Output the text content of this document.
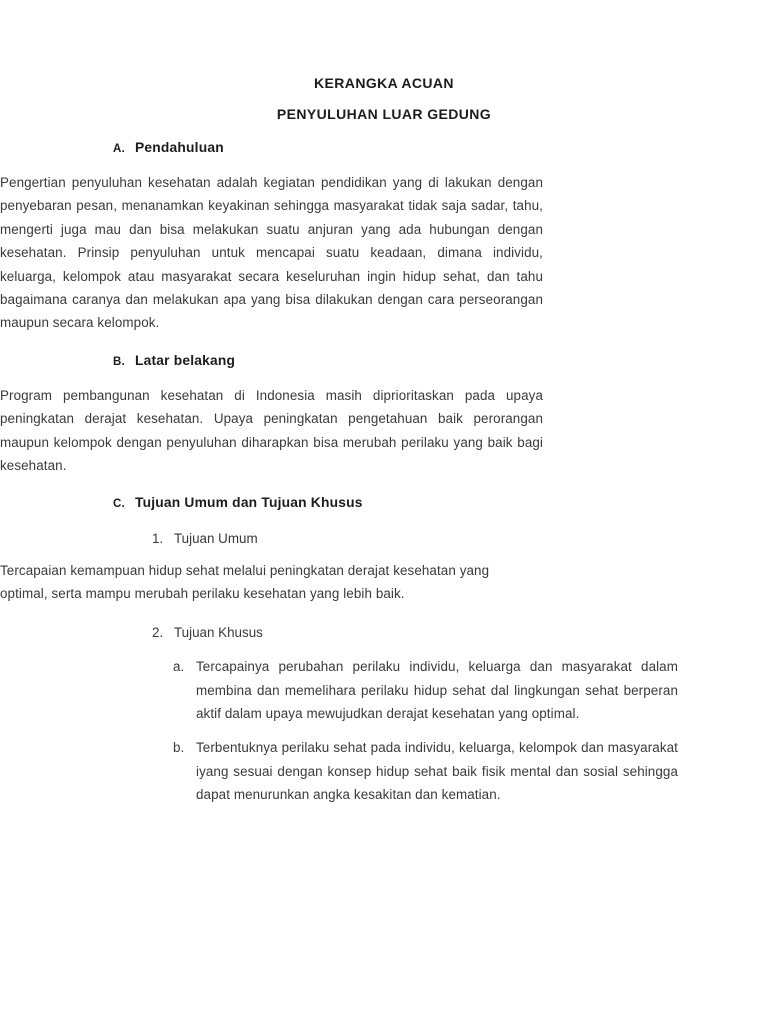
KERANGKA ACUAN
PENYULUHAN LUAR GEDUNG
A. Pendahuluan

Pengertian penyuluhan kesehatan adalah kegiatan pendidikan yang di lakukan dengan penyebaran pesan, menanamkan keyakinan sehingga masyarakat tidak saja sadar, tahu, mengerti juga mau dan bisa melakukan suatu anjuran yang ada hubungan dengan kesehatan. Prinsip penyuluhan untuk mencapai suatu keadaan, dimana individu, keluarga, kelompok atau masyarakat secara keseluruhan ingin hidup sehat, dan tahu bagaimana caranya dan melakukan apa yang bisa dilakukan dengan cara perseorangan maupun secara kelompok.

B. Latar belakang

Program pembangunan kesehatan di Indonesia masih diprioritaskan pada upaya peningkatan derajat kesehatan. Upaya peningkatan pengetahuan baik perorangan maupun kelompok dengan penyuluhan diharapkan bisa merubah perilaku yang baik bagi kesehatan.

C. Tujuan Umum dan Tujuan Khusus
1. Tujuan Umum

Tercapaian kemampuan hidup sehat melalui peningkatan derajat kesehatan yang optimal, serta mampu merubah perilaku kesehatan yang lebih baik.

2. Tujuan Khusus
a. Tercapainya perubahan perilaku individu, keluarga dan masyarakat dalam membina dan memelihara perilaku hidup sehat dal lingkungan sehat berperan aktif dalam upaya mewujudkan derajat kesehatan yang optimal.

b. Terbentuknya perilaku sehat pada individu, keluarga, kelompok dan masyarakat iyang sesuai dengan konsep hidup sehat baik fisik mental dan sosial sehingga dapat menurunkan angka kesakitan dan kematian.
